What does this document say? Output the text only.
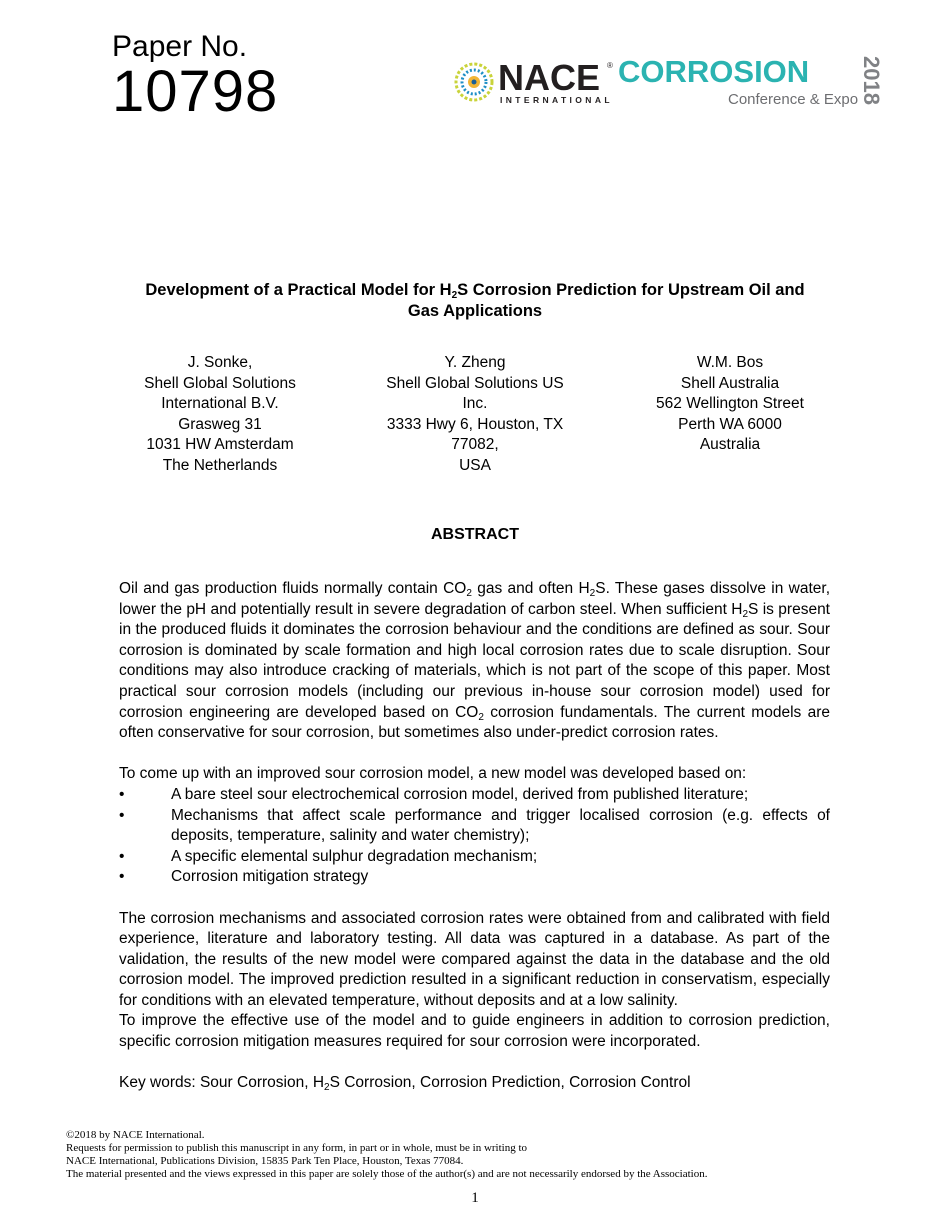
Paper No.
10798	NACE ®
INTERNATIONAL
CORROSION
Conference & Expo 2018
Development of a Practical Model for $H_2S$ Corrosion Prediction for Upstream Oil and
Gas Applications
J. Sonke,
Shell Global Solutions
International B.V.
Grasweg 31
1031 HW Amsterdam
The Netherlands
Y. Zheng
Shell Global Solutions US
Inc.
3333 Hwy 6, Houston, TX
77082,
USA
W.M. Bos
Shell Australia
562 Wellington Street
Perth WA 6000
Australia
ABSTRACT

Oil and gas production fluids normally contain $CO_2$ gas and often $H_2S$. These gases dissolve in water, lower the pH and potentially result in severe degradation of carbon steel. When sufficient $H_2S$ is present in the produced fluids it dominates the corrosion behaviour and the conditions are defined as sour. Sour corrosion is dominated by scale formation and high local corrosion rates due to scale disruption. Sour conditions may also introduce cracking of materials, which is not part of the scope of this paper. Most practical sour corrosion models (including our previous in-house sour corrosion model) used for corrosion engineering are developed based on $CO_2$ corrosion fundamentals. The current models are often conservative for sour corrosion, but sometimes also under-predict corrosion rates.

To come up with an improved sour corrosion model, a new model was developed based on:

•	A bare steel sour electrochemical corrosion model, derived from published literature;
•	Mechanisms that affect scale performance and trigger localised corrosion (e.g. effects of deposits, temperature, salinity and water chemistry);
•	A specific elemental sulphur degradation mechanism;
•	Corrosion mitigation strategy

The corrosion mechanisms and associated corrosion rates were obtained from and calibrated with field experience, literature and laboratory testing. All data was captured in a database. As part of the validation, the results of the new model were compared against the data in the database and the old corrosion model. The improved prediction resulted in a significant reduction in conservatism, especially for conditions with an elevated temperature, without deposits and at a low salinity.

To improve the effective use of the model and to guide engineers in addition to corrosion prediction, specific corrosion mitigation measures required for sour corrosion were incorporated.

Key words: Sour Corrosion, $H_2S$ Corrosion, Corrosion Prediction, Corrosion Control

©2018 by NACE International.
Requests for permission to publish this manuscript in any form, in part or in whole, must be in writing to
NACE International, Publications Division, 15835 Park Ten Place, Houston, Texas 77084.
The material presented and the views expressed in this paper are solely those of the author(s) and are not necessarily endorsed by the Association.
1
